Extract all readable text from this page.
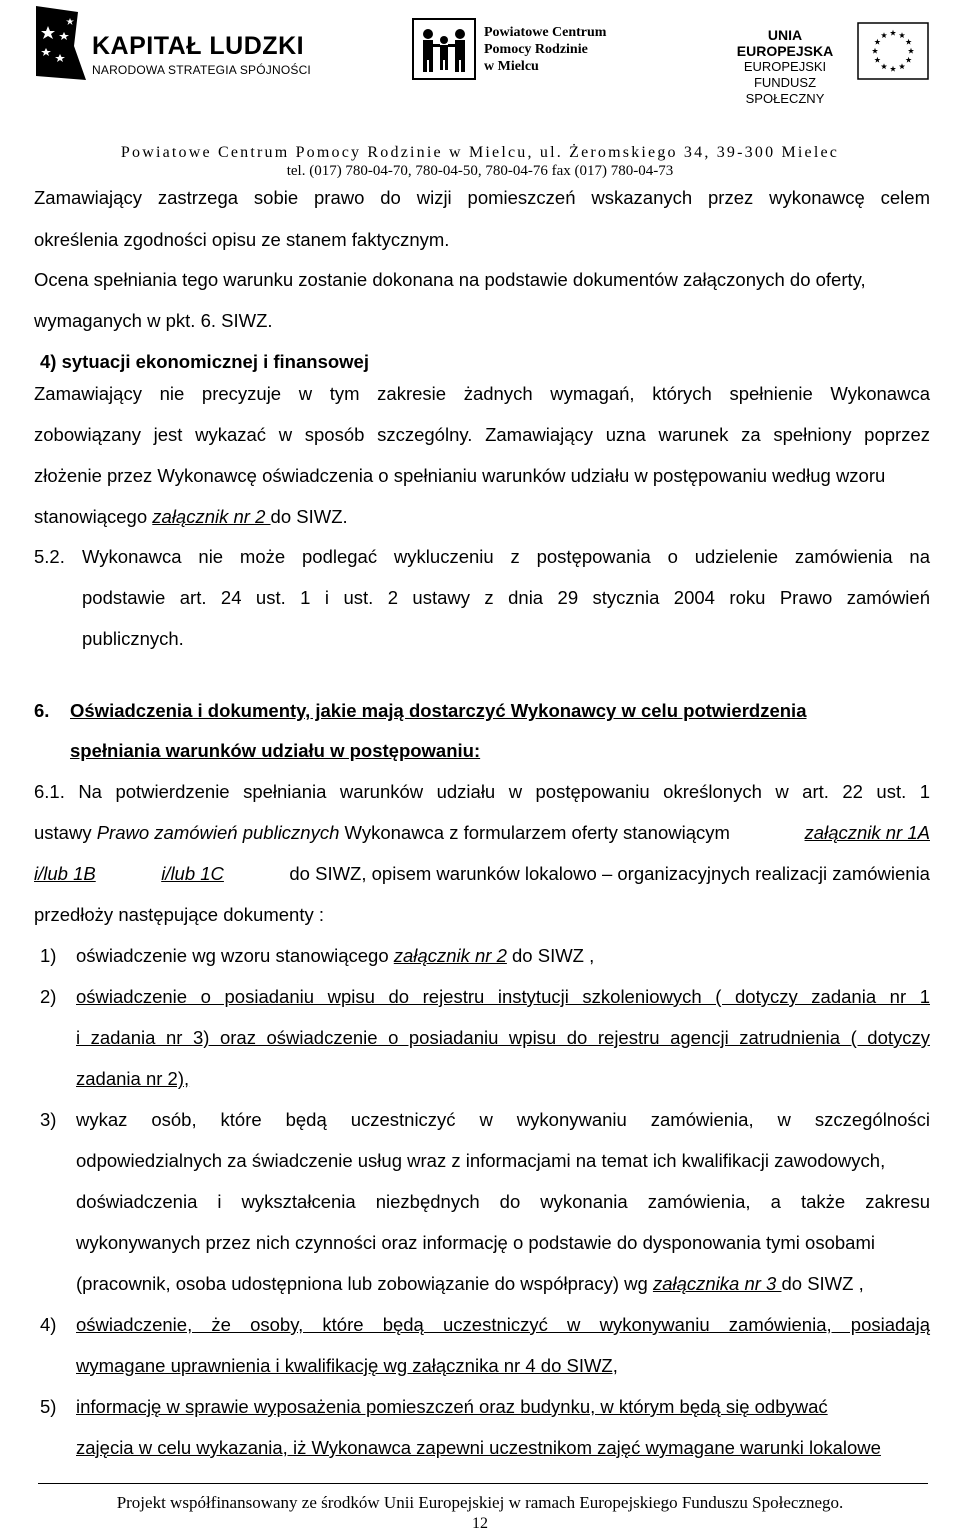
KAPITAŁ LUDZKI
NARODOWA STRATEGIA SPÓJNOŚCI
Powiatowe Centrum
Pomocy Rodzinie
w Mielcu
UNIA EUROPEJSKA
EUROPEJSKI
FUNDUSZ SPOŁECZNY
Powiatowe Centrum Pomocy Rodzinie w Mielcu, ul. Żeromskiego 34, 39-300 Mielec
tel. (017) 780-04-70, 780-04-50, 780-04-76 fax (017) 780-04-73
Zamawiający zastrzega sobie prawo do wizji pomieszczeń wskazanych przez wykonawcę celem
określenia zgodności opisu ze stanem faktycznym.
Ocena spełniania tego warunku zostanie dokonana na podstawie dokumentów załączonych do oferty,
wymaganych w pkt. 6. SIWZ.
4) sytuacji ekonomicznej i finansowej
Zamawiający nie precyzuje w tym zakresie żadnych wymagań, których spełnienie Wykonawca
zobowiązany jest wykazać w sposób szczególny. Zamawiający uzna warunek za spełniony poprzez
złożenie przez Wykonawcę oświadczenia o spełnianiu warunków udziału w postępowaniu według wzoru
stanowiącego załącznik nr 2 do SIWZ.
5.2. Wykonawca nie może podlegać wykluczeniu z postępowania o udzielenie zamówienia na
podstawie art. 24 ust. 1 i ust. 2 ustawy z dnia 29 stycznia 2004 roku Prawo zamówień
publicznych.
6. Oświadczenia i dokumenty, jakie mają dostarczyć Wykonawcy w celu potwierdzenia
spełniania warunków udziału w postępowaniu:
6.1. Na potwierdzenie spełniania warunków udziału w postępowaniu określonych w art. 22 ust. 1
ustawy Prawo zamówień publicznych Wykonawca z formularzem oferty stanowiącym	załącznik nr 1A
i/lub 1B	i/lub 1C	do SIWZ, opisem warunków lokalowo – organizacyjnych realizacji zamówienia
przedłoży następujące dokumenty :
1) oświadczenie wg wzoru stanowiącego załącznik nr 2 do SIWZ ,
2) oświadczenie o posiadaniu wpisu do rejestru instytucji szkoleniowych ( dotyczy zadania nr 1
i zadania nr 3) oraz oświadczenie o posiadaniu wpisu do rejestru agencji zatrudnienia ( dotyczy
zadania nr 2),
3) wykaz osób, które będą uczestniczyć w wykonywaniu zamówienia, w szczególności
odpowiedzialnych za świadczenie usług wraz z informacjami na temat ich kwalifikacji zawodowych,
doświadczenia i wykształcenia niezbędnych do wykonania zamówienia, a także zakresu
wykonywanych przez nich czynności oraz informację o podstawie do dysponowania tymi osobami
(pracownik, osoba udostępniona lub zobowiązanie do współpracy) wg załącznika nr 3 do SIWZ ,
4) oświadczenie, że osoby, które będą uczestniczyć w wykonywaniu zamówienia, posiadają
wymagane uprawnienia i kwalifikację wg załącznika nr 4 do SIWZ,
5) informację w sprawie wyposażenia pomieszczeń oraz budynku, w którym będą się odbywać
zajęcia w celu wykazania, iż Wykonawca zapewni uczestnikom zajęć wymagane warunki lokalowe
Projekt współfinansowany ze środków Unii Europejskiej w ramach Europejskiego Funduszu Społecznego.
12
